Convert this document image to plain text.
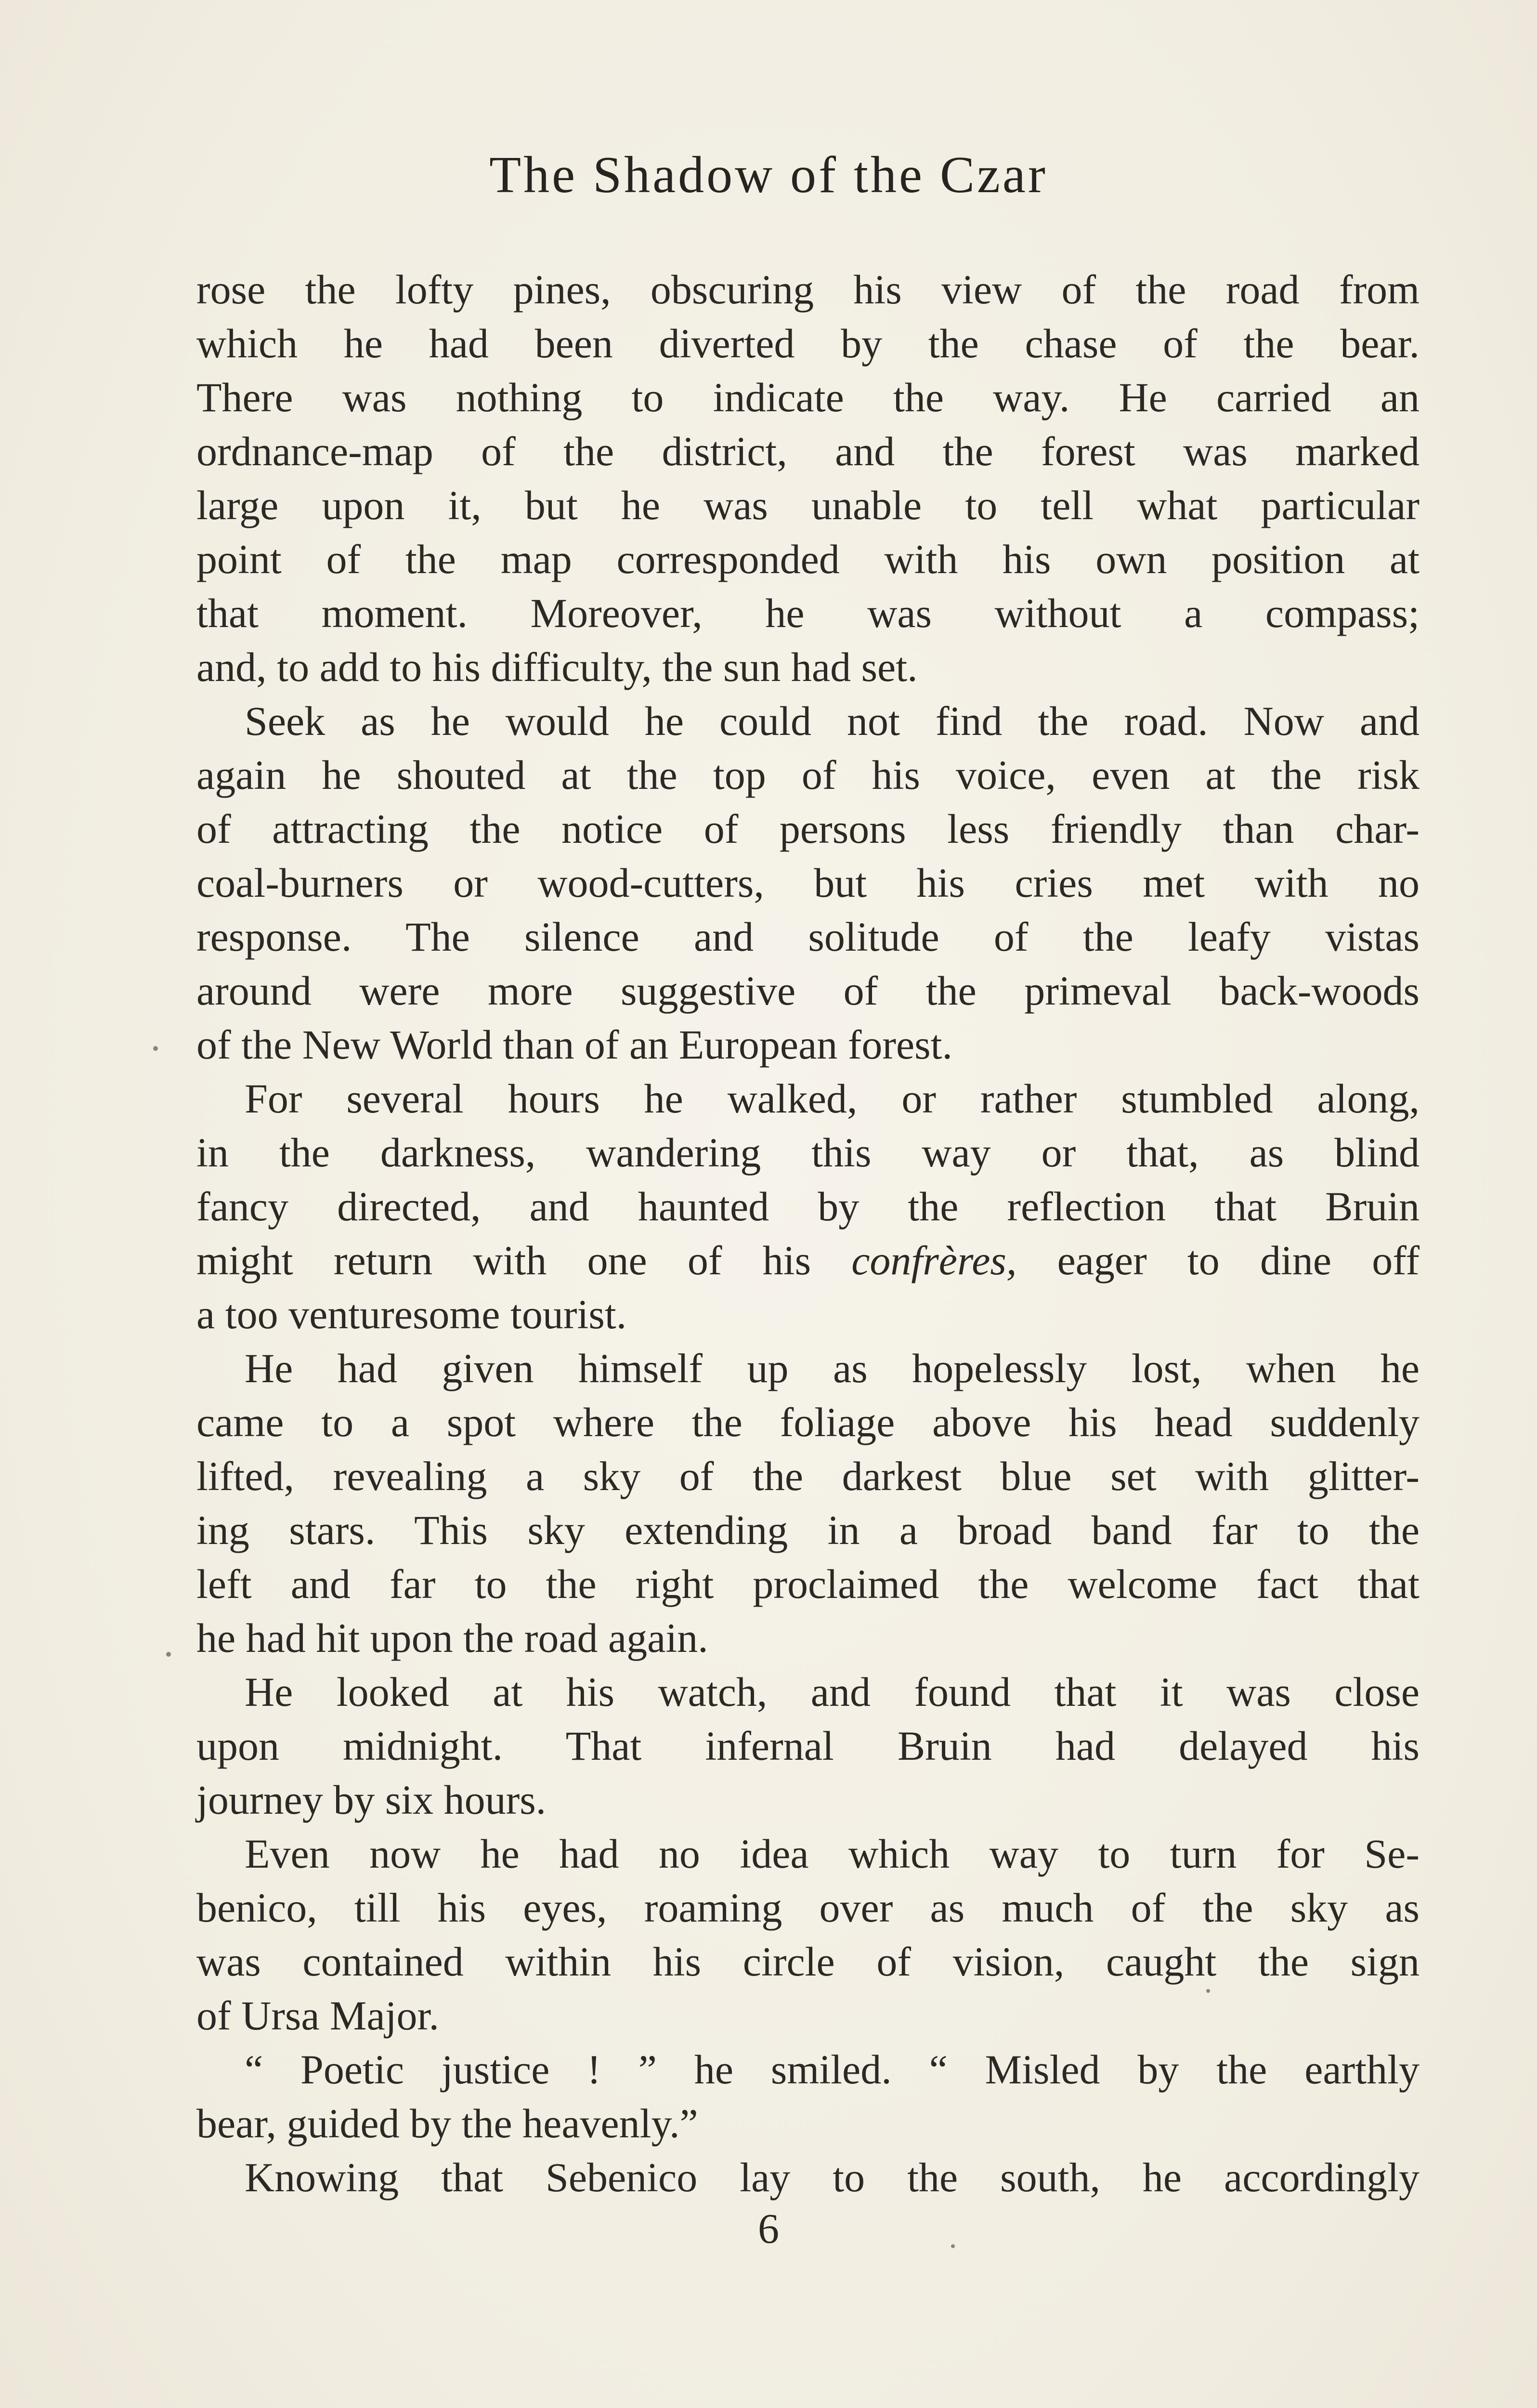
The Shadow of the Czar

rose the lofty pines, obscuring his view of the road from

which he had been diverted by the chase of the bear.

There was nothing to indicate the way. He carried an

ordnance-map of the district, and the forest was marked

large upon it, but he was unable to tell what particular

point of the map corresponded with his own position at

that moment. Moreover, he was without a compass;

and, to add to his difficulty, the sun had set.

Seek as he would he could not find the road. Now and

again he shouted at the top of his voice, even at the risk

of attracting the notice of persons less friendly than char-

coal-burners or wood-cutters, but his cries met with no

response. The silence and solitude of the leafy vistas

around were more suggestive of the primeval back-woods

of the New World than of an European forest.

For several hours he walked, or rather stumbled along,

in the darkness, wandering this way or that, as blind

fancy directed, and haunted by the reflection that Bruin

might return with one of his confrères, eager to dine off

a too venturesome tourist.

He had given himself up as hopelessly lost, when he

came to a spot where the foliage above his head suddenly

lifted, revealing a sky of the darkest blue set with glitter-

ing stars. This sky extending in a broad band far to the

left and far to the right proclaimed the welcome fact that

he had hit upon the road again.

He looked at his watch, and found that it was close

upon midnight. That infernal Bruin had delayed his

journey by six hours.

Even now he had no idea which way to turn for Se-

benico, till his eyes, roaming over as much of the sky as

was contained within his circle of vision, caught the sign

of Ursa Major.

“ Poetic justice ! ” he smiled. “ Misled by the earthly

bear, guided by the heavenly.”

Knowing that Sebenico lay to the south, he accordingly

6
